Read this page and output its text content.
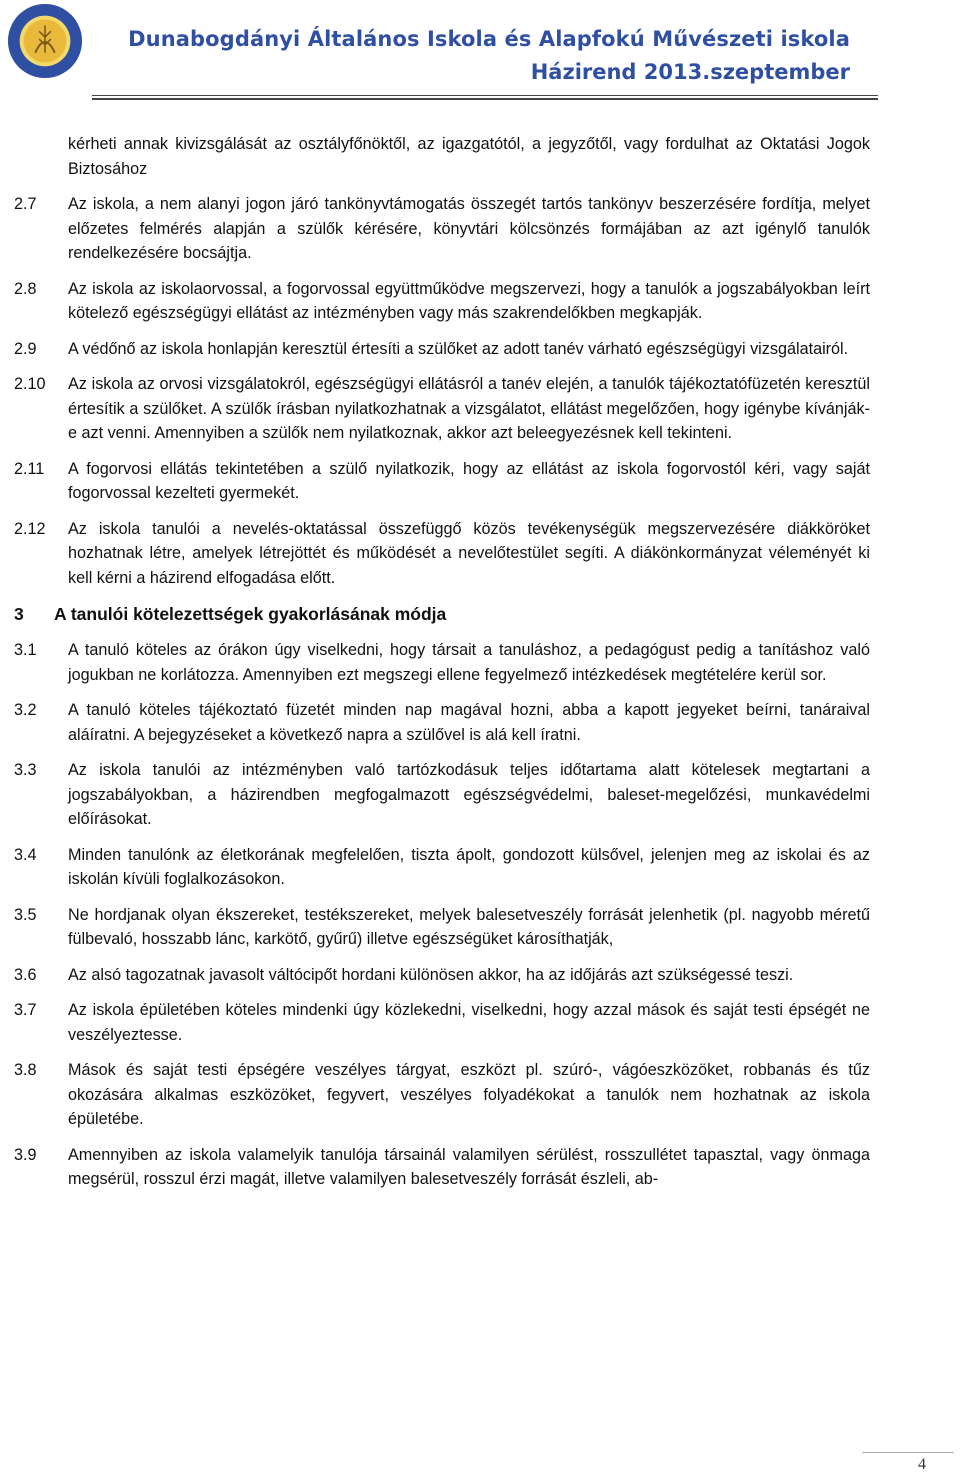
Dunabogdányi Általános Iskola és Alapfokú Művészeti iskola
Házirend 2013.szeptember
kérheti annak kivizsgálását az osztályfőnöktől, az igazgatótól, a jegyzőtől, vagy fordulhat az Oktatási Jogok Biztosához
2.7 Az iskola, a nem alanyi jogon járó tankönyvtámogatás összegét tartós tankönyv beszerzésére fordítja, melyet előzetes felmérés alapján a szülők kérésére, könyvtári kölcsönzés formájában az azt igénylő tanulók rendelkezésére bocsájtja.
2.8 Az iskola az iskolaorvossal, a fogorvossal együttműködve megszervezi, hogy a tanulók a jogszabályokban leírt kötelező egészségügyi ellátást az intézményben vagy más szakrendelőkben megkapják.
2.9 A védőnő az iskola honlapján keresztül értesíti a szülőket az adott tanév várható egészségügyi vizsgálatairól.
2.10 Az iskola az orvosi vizsgálatokról, egészségügyi ellátásról a tanév elején, a tanulók tájékoztatófüzetén keresztül értesítik a szülőket. A szülők írásban nyilatkozhatnak a vizsgálatot, ellátást megelőzően, hogy igénybe kívánják-e azt venni. Amennyiben a szülők nem nyilatkoznak, akkor azt beleegyezésnek kell tekinteni.
2.11 A fogorvosi ellátás tekintetében a szülő nyilatkozik, hogy az ellátást az iskola fogorvostól kéri, vagy saját fogorvossal kezelteti gyermekét.
2.12 Az iskola tanulói a nevelés-oktatással összefüggő közös tevékenységük megszervezésére diákköröket hozhatnak létre, amelyek létrejöttét és működését a nevelőtestület segíti. A diákönkormányzat véleményét ki kell kérni a házirend elfogadása előtt.
3 A tanulói kötelezettségek gyakorlásának módja
3.1 A tanuló köteles az órákon úgy viselkedni, hogy társait a tanuláshoz, a pedagógust pedig a tanításhoz való jogukban ne korlátozza. Amennyiben ezt megszegi ellene fegyelmező intézkedések megtételére kerül sor.
3.2 A tanuló köteles tájékoztató füzetét minden nap magával hozni, abba a kapott jegyeket beírni, tanáraival aláíratni. A bejegyzéseket a következő napra a szülővel is alá kell íratni.
3.3 Az iskola tanulói az intézményben való tartózkodásuk teljes időtartama alatt kötelesek megtartani a jogszabályokban, a házirendben megfogalmazott egészségvédelmi, baleset-megelőzési, munkavédelmi előírásokat.
3.4 Minden tanulónk az életkorának megfelelően, tiszta ápolt, gondozott külsővel, jelenjen meg az iskolai és az iskolán kívüli foglalkozásokon.
3.5 Ne hordjanak olyan ékszereket, testékszereket, melyek balesetveszély forrását jelenhetik (pl. nagyobb méretű fülbevaló, hosszabb lánc, karkötő, gyűrű) illetve egészségüket károsíthatják,
3.6 Az alsó tagozatnak javasolt váltócipőt hordani különösen akkor, ha az időjárás azt szükségessé teszi.
3.7 Az iskola épületében köteles mindenki úgy közlekedni, viselkedni, hogy azzal mások és saját testi épségét ne veszélyeztesse.
3.8 Mások és saját testi épségére veszélyes tárgyat, eszközt pl. szúró-, vágóeszközöket, robbanás és tűz okozására alkalmas eszközöket, fegyvert, veszélyes folyadékokat a tanulók nem hozhatnak az iskola épületébe.
3.9 Amennyiben az iskola valamelyik tanulója társainál valamilyen sérülést, rosszullétet tapasztal, vagy önmaga megsérül, rosszul érzi magát, illetve valamilyen balesetveszély forrását észleli, ab-
4
